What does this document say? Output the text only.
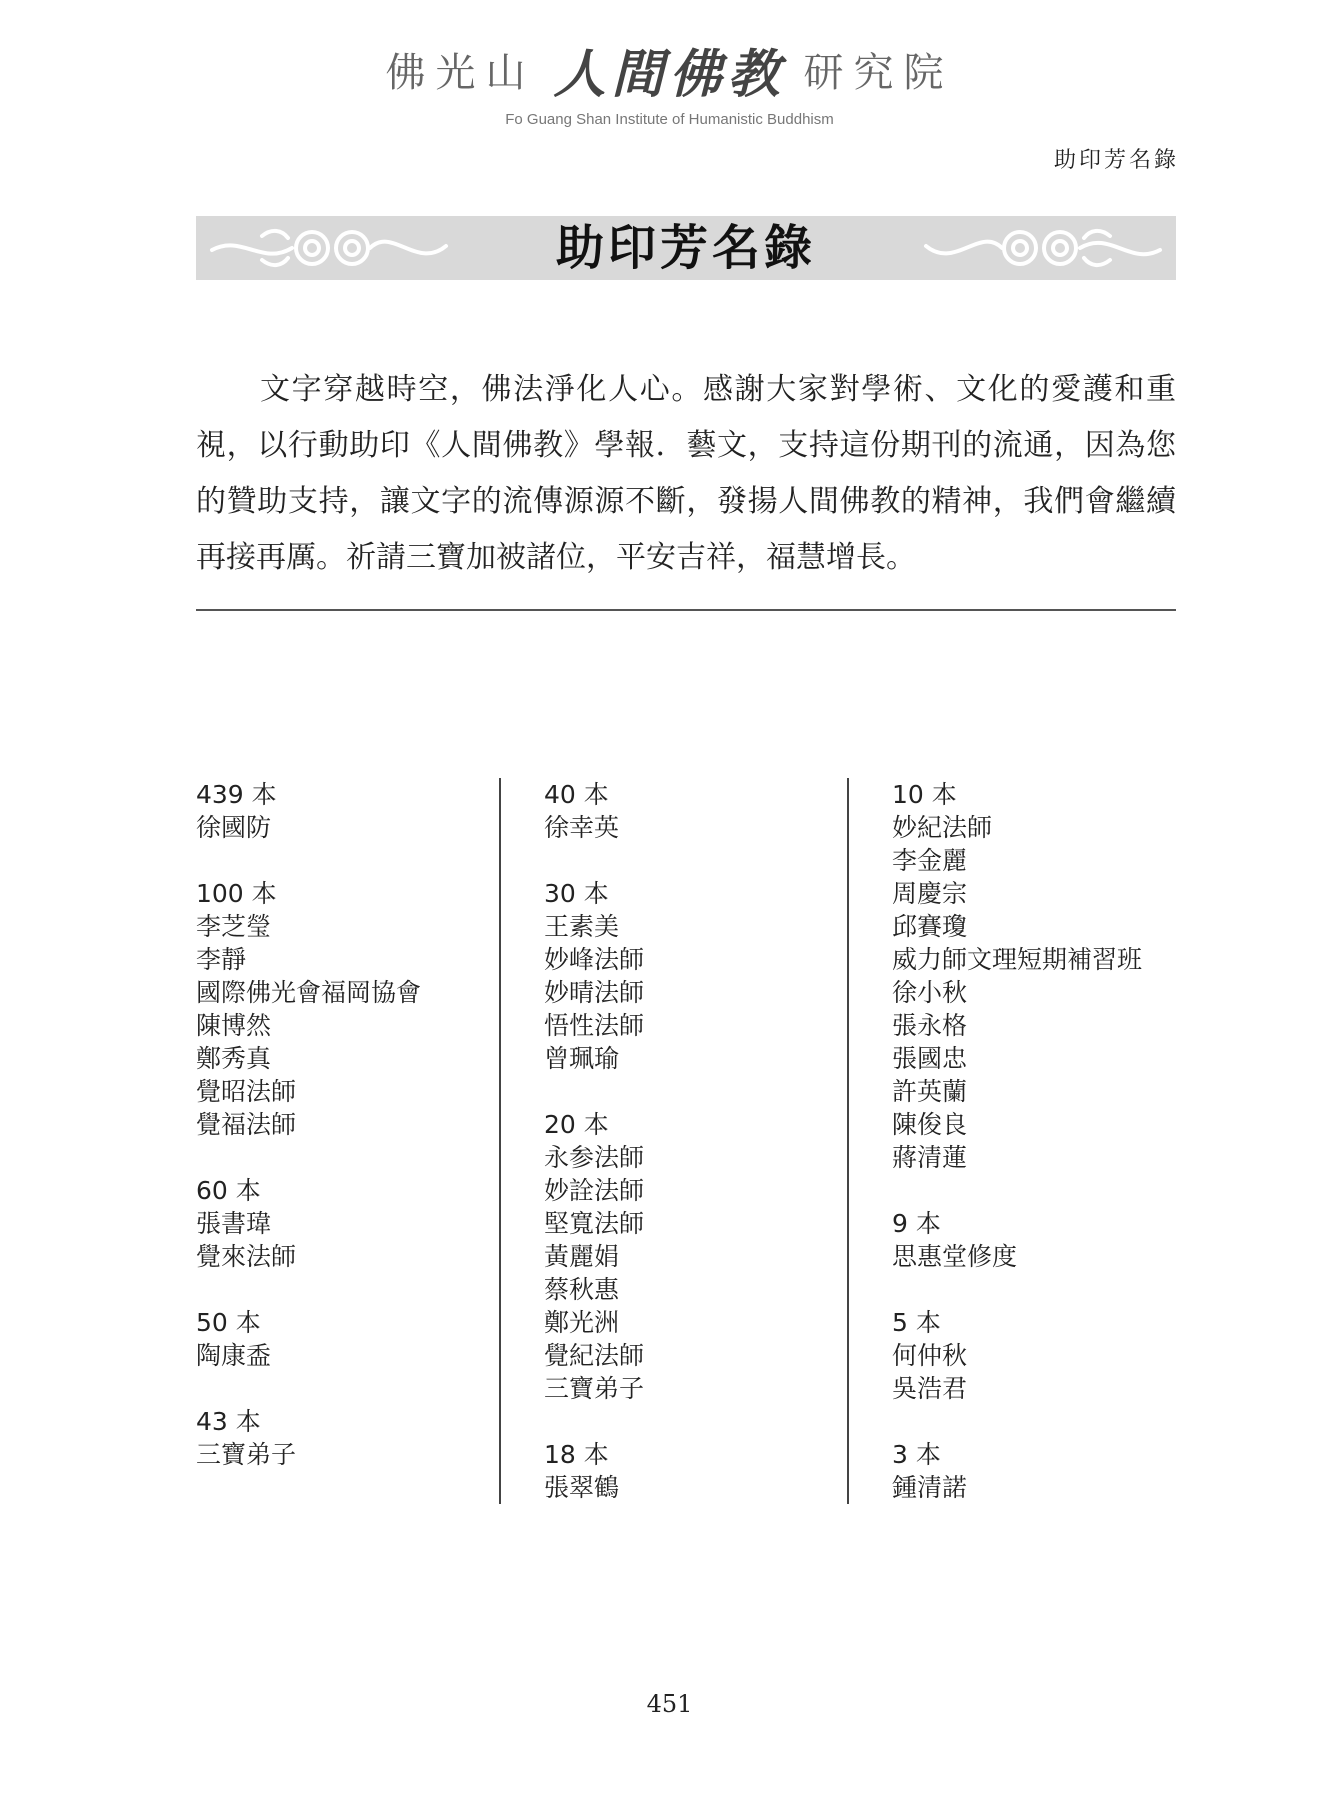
佛光山 人間佛教 研究院
Fo Guang Shan Institute of Humanistic Buddhism
助印芳名錄
助印芳名錄

文字穿越時空，佛法淨化人心。感謝大家對學術、文化的愛護和重視，以行動助印《人間佛教》學報．藝文，支持這份期刊的流通，因為您的贊助支持，讓文字的流傳源源不斷，發揚人間佛教的精神，我們會繼續再接再厲。祈請三寶加被諸位，平安吉祥，福慧增長。

439 本
徐國防
100 本
李芝瑩
李靜
國際佛光會福岡協會
陳博然
鄭秀真
覺昭法師
覺福法師
60 本
張書瑋
覺來法師
50 本
陶康盉
43 本
三寶弟子
40 本
徐幸英
30 本
王素美
妙峰法師
妙晴法師
悟性法師
曾珮瑜
20 本
永参法師
妙詮法師
堅寬法師
黃麗娟
蔡秋惠
鄭光洲
覺紀法師
三寶弟子
18 本
張翠鶴
10 本
妙紀法師
李金麗
周慶宗
邱賽瓊
威力師文理短期補習班
徐小秋
張永格
張國忠
許英蘭
陳俊良
蔣清蓮
9 本
思惠堂修度
5 本
何仲秋
吳浩君
3 本
鍾清諾
451
